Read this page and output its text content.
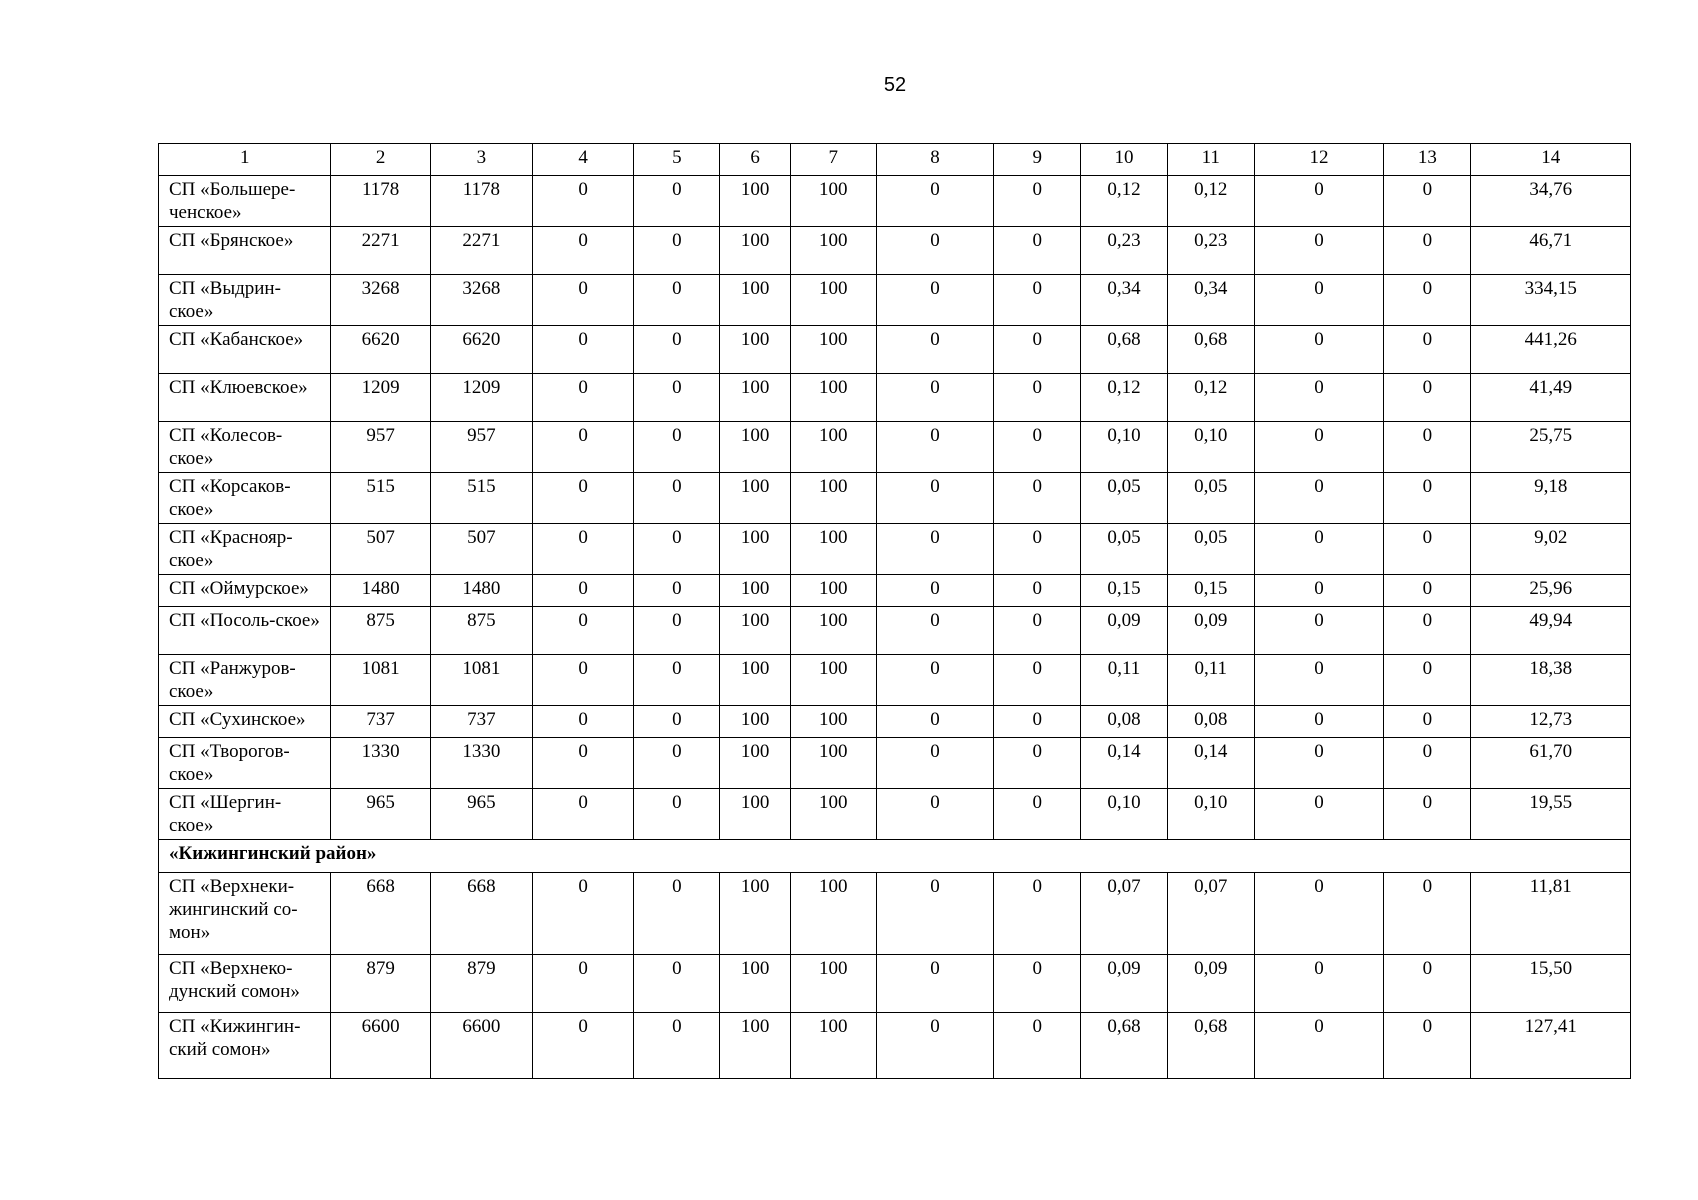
52
1	2	3	4	5	6	7	8	9	10	11	12	13	14
СП «Большере-ченское»	1178	1178	0	0	100	100	0	0	0,12	0,12	0	0	34,76
СП «Брянское»	2271	2271	0	0	100	100	0	0	0,23	0,23	0	0	46,71
СП «Выдрин-ское»	3268	3268	0	0	100	100	0	0	0,34	0,34	0	0	334,15
СП «Кабанское»	6620	6620	0	0	100	100	0	0	0,68	0,68	0	0	441,26
СП «Клюевское»	1209	1209	0	0	100	100	0	0	0,12	0,12	0	0	41,49
СП «Колесов-ское»	957	957	0	0	100	100	0	0	0,10	0,10	0	0	25,75
СП «Корсаков-ское»	515	515	0	0	100	100	0	0	0,05	0,05	0	0	9,18
СП «Краснояр-ское»	507	507	0	0	100	100	0	0	0,05	0,05	0	0	9,02
СП «Оймурское»	1480	1480	0	0	100	100	0	0	0,15	0,15	0	0	25,96
СП «Посоль-ское»	875	875	0	0	100	100	0	0	0,09	0,09	0	0	49,94
СП «Ранжуров-ское»	1081	1081	0	0	100	100	0	0	0,11	0,11	0	0	18,38
СП «Сухинское»	737	737	0	0	100	100	0	0	0,08	0,08	0	0	12,73
СП «Творогов-ское»	1330	1330	0	0	100	100	0	0	0,14	0,14	0	0	61,70
СП «Шергин-ское»	965	965	0	0	100	100	0	0	0,10	0,10	0	0	19,55
«Кижингинский район»													
СП «Верхнеки-жингинский со-мон»	668	668	0	0	100	100	0	0	0,07	0,07	0	0	11,81
СП «Верхнеко-дунский сомон»	879	879	0	0	100	100	0	0	0,09	0,09	0	0	15,50
СП «Кижингин-ский сомон»	6600	6600	0	0	100	100	0	0	0,68	0,68	0	0	127,41
